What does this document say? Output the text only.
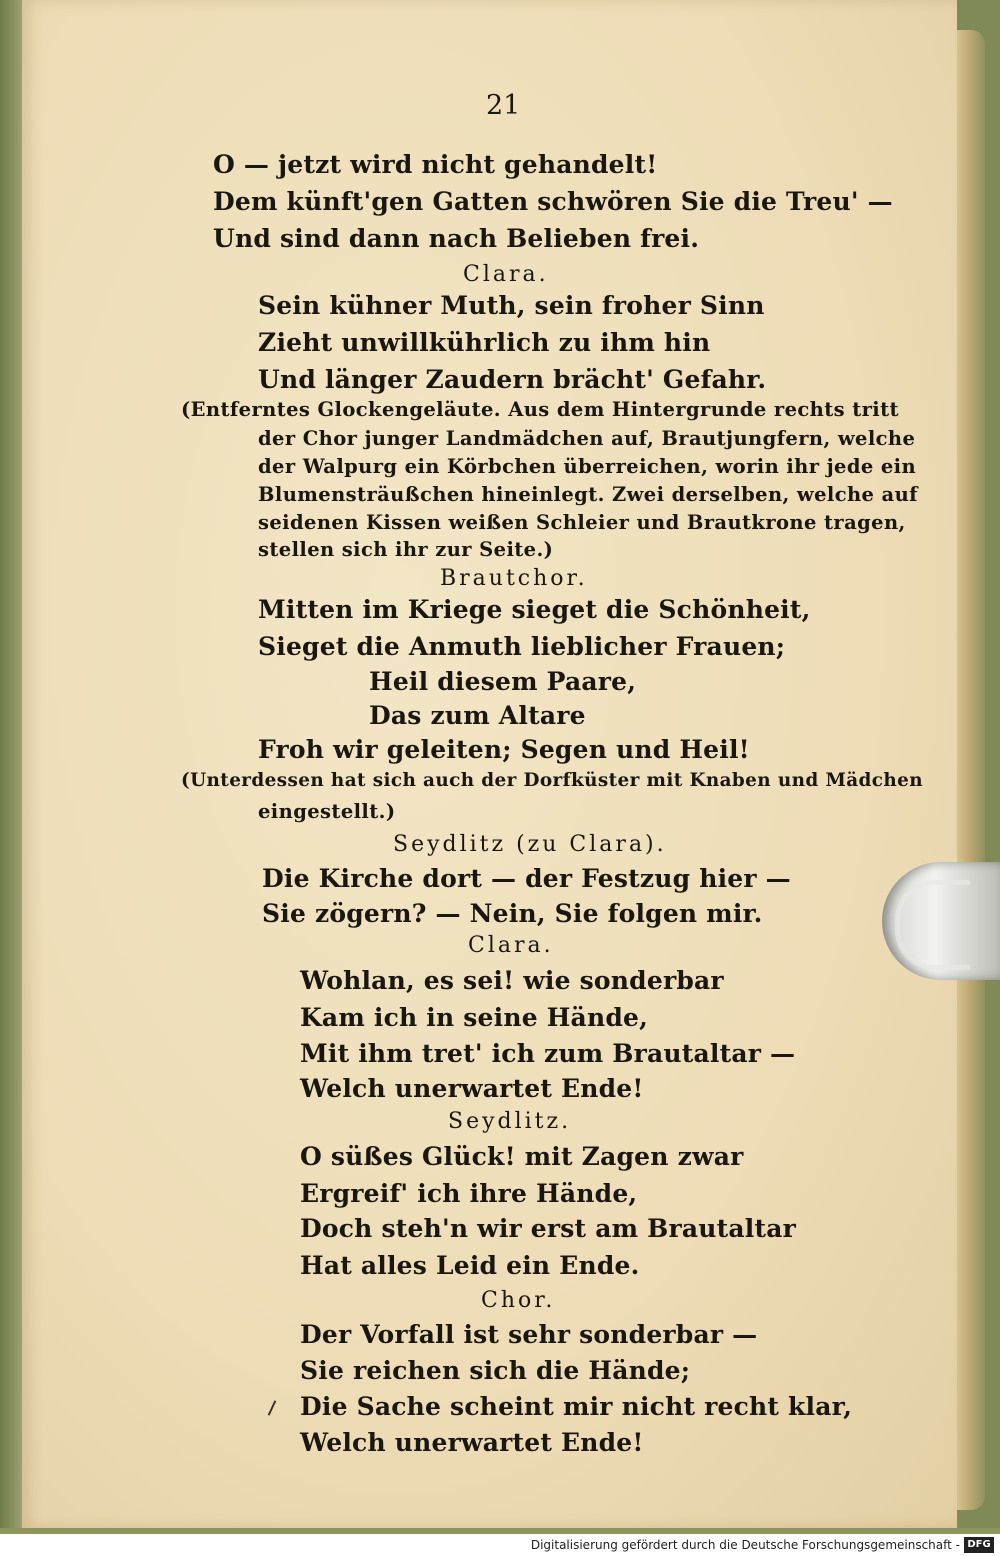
21
O — jetzt wird nicht gehandelt!
Dem künft'gen Gatten schwören Sie die Treu' —
Und sind dann nach Belieben frei.
Clara.
Sein kühner Muth, sein froher Sinn
Zieht unwillkührlich zu ihm hin
Und länger Zaudern brächt' Gefahr.
(Entferntes Glockengeläute. Aus dem Hintergrunde rechts tritt
der Chor junger Landmädchen auf, Brautjungfern, welche
der Walpurg ein Körbchen überreichen, worin ihr jede ein
Blumensträußchen hineinlegt. Zwei derselben, welche auf
seidenen Kissen weißen Schleier und Brautkrone tragen,
stellen sich ihr zur Seite.)
Brautchor.
Mitten im Kriege sieget die Schönheit,
Sieget die Anmuth lieblicher Frauen;
Heil diesem Paare,
Das zum Altare
Froh wir geleiten; Segen und Heil!
(Unterdessen hat sich auch der Dorfküster mit Knaben und Mädchen
eingestellt.)
Seydlitz (zu Clara).
Die Kirche dort — der Festzug hier —
Sie zögern? — Nein, Sie folgen mir.
Clara.
Wohlan, es sei! wie sonderbar
Kam ich in seine Hände,
Mit ihm tret' ich zum Brautaltar —
Welch unerwartet Ende!
Seydlitz.
O süßes Glück! mit Zagen zwar
Ergreif' ich ihre Hände,
Doch steh'n wir erst am Brautaltar
Hat alles Leid ein Ende.
Chor.
Der Vorfall ist sehr sonderbar —
Sie reichen sich die Hände;
Die Sache scheint mir nicht recht klar,
Welch unerwartet Ende!
Digitalisierung gefördert durch die Deutsche Forschungsgemeinschaft - DFG
